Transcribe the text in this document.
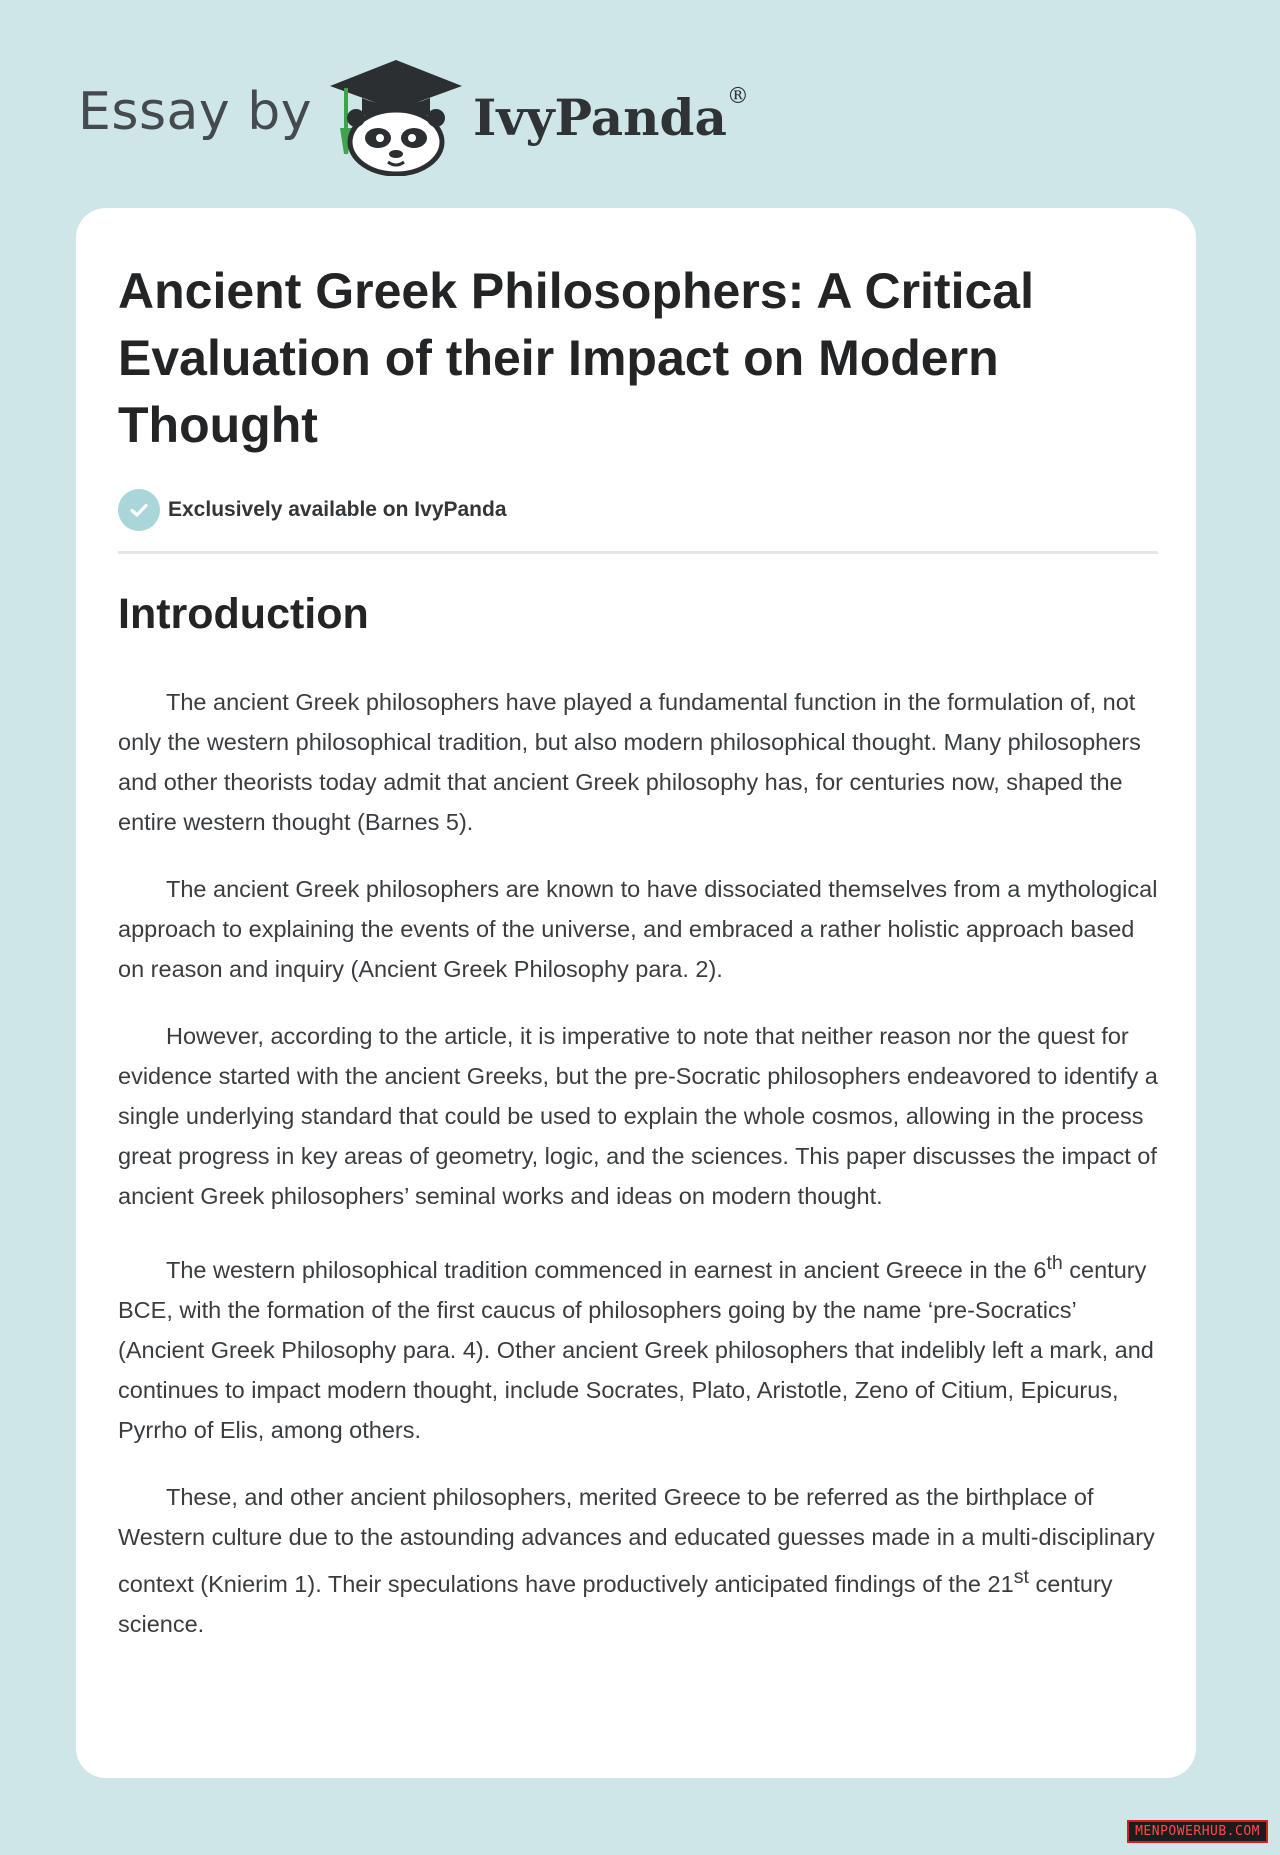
Essay by	IvyPanda®
Ancient Greek Philosophers: A Critical Evaluation of their Impact on Modern Thought
Exclusively available on IvyPanda
Introduction

The ancient Greek philosophers have played a fundamental function in the formulation of, not only the western philosophical tradition, but also modern philosophical thought. Many philosophers and other theorists today admit that ancient Greek philosophy has, for centuries now, shaped the entire western thought (Barnes 5).

The ancient Greek philosophers are known to have dissociated themselves from a mythological approach to explaining the events of the universe, and embraced a rather holistic approach based on reason and inquiry (Ancient Greek Philosophy para. 2).

However, according to the article, it is imperative to note that neither reason nor the quest for evidence started with the ancient Greeks, but the pre-Socratic philosophers endeavored to identify a single underlying standard that could be used to explain the whole cosmos, allowing in the process great progress in key areas of geometry, logic, and the sciences. This paper discusses the impact of ancient Greek philosophers’ seminal works and ideas on modern thought.

The western philosophical tradition commenced in earnest in ancient Greece in the 6th century BCE, with the formation of the first caucus of philosophers going by the name ‘pre-Socratics’ (Ancient Greek Philosophy para. 4). Other ancient Greek philosophers that indelibly left a mark, and continues to impact modern thought, include Socrates, Plato, Aristotle, Zeno of Citium, Epicurus, Pyrrho of Elis, among others.

These, and other ancient philosophers, merited Greece to be referred as the birthplace of Western culture due to the astounding advances and educated guesses made in a multi-disciplinary context (Knierim 1). Their speculations have productively anticipated findings of the 21st century science.

MENPOWERHUB.COM
